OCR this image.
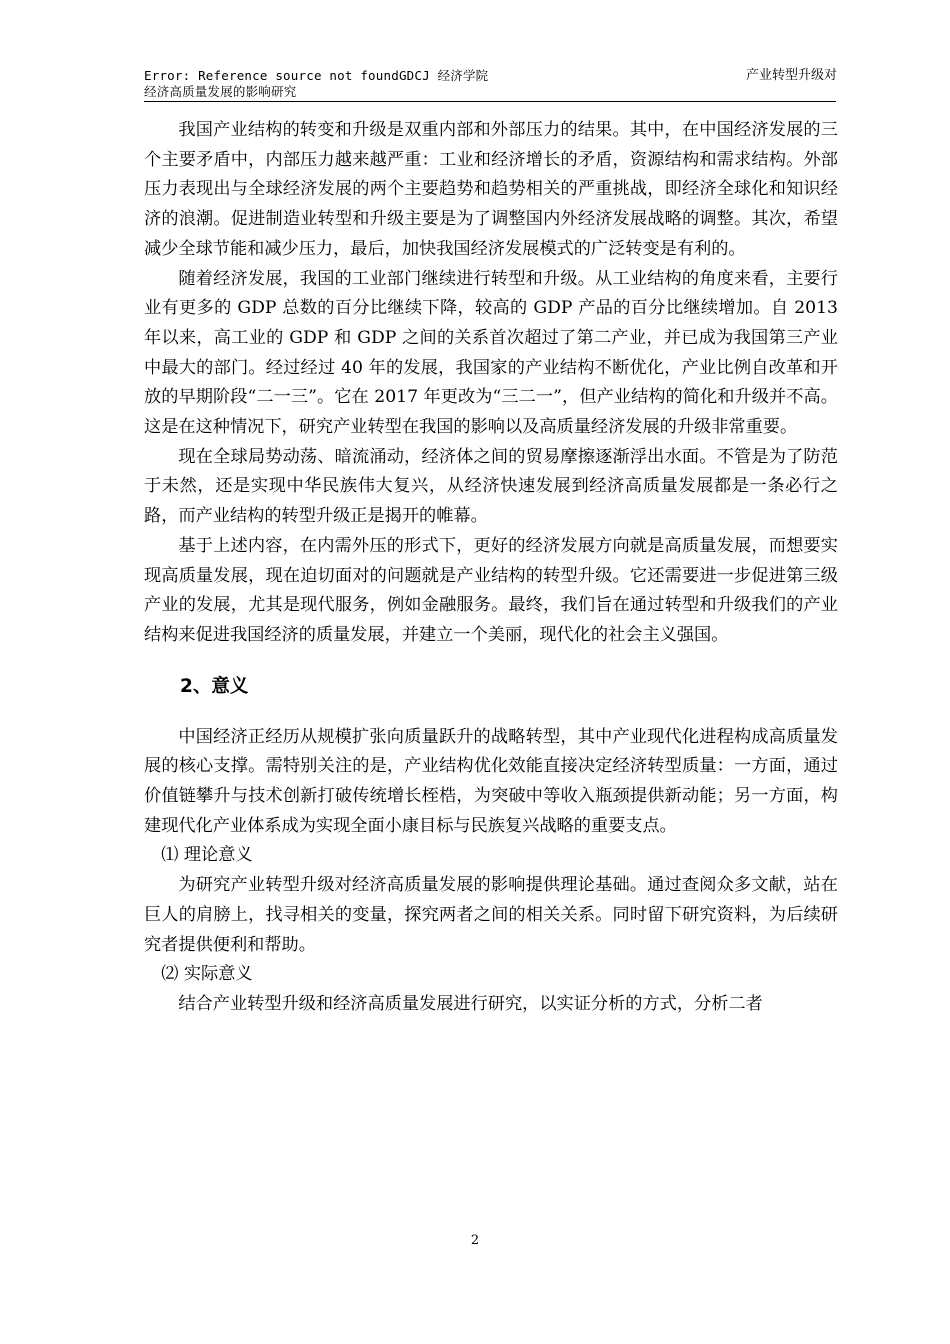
Error: Reference source not foundGDCJ 经济学院
经济高质量发展的影响研究
产业转型升级对

我国产业结构的转变和升级是双重内部和外部压力的结果。其中，在中国经济发展的三个主要矛盾中，内部压力越来越严重：工业和经济增长的矛盾，资源结构和需求结构。外部压力表现出与全球经济发展的两个主要趋势和趋势相关的严重挑战，即经济全球化和知识经济的浪潮。促进制造业转型和升级主要是为了调整国内外经济发展战略的调整。其次，希望减少全球节能和减少压力，最后，加快我国经济发展模式的广泛转变是有利的。

随着经济发展，我国的工业部门继续进行转型和升级。从工业结构的角度来看，主要行业有更多的 GDP 总数的百分比继续下降，较高的 GDP 产品的百分比继续增加。自 2013 年以来，高工业的 GDP 和 GDP 之间的关系首次超过了第二产业，并已成为我国第三产业中最大的部门。经过经过 40 年的发展，我国家的产业结构不断优化，产业比例自改革和开放的早期阶段“二一三”。它在 2017 年更改为“三二一”，但产业结构的简化和升级并不高。这是在这种情况下，研究产业转型在我国的影响以及高质量经济发展的升级非常重要。

现在全球局势动荡、暗流涌动，经济体之间的贸易摩擦逐渐浮出水面。不管是为了防范于未然，还是实现中华民族伟大复兴，从经济快速发展到经济高质量发展都是一条必行之路，而产业结构的转型升级正是揭开的帷幕。

基于上述内容，在内需外压的形式下，更好的经济发展方向就是高质量发展，而想要实现高质量发展，现在迫切面对的问题就是产业结构的转型升级。它还需要进一步促进第三级产业的发展，尤其是现代服务，例如金融服务。最终，我们旨在通过转型和升级我们的产业结构来促进我国经济的质量发展，并建立一个美丽，现代化的社会主义强国。

2、意义

中国经济正经历从规模扩张向质量跃升的战略转型，其中产业现代化进程构成高质量发展的核心支撑。需特别关注的是，产业结构优化效能直接决定经济转型质量：一方面，通过价值链攀升与技术创新打破传统增长桎梏，为突破中等收入瓶颈提供新动能；另一方面，构建现代化产业体系成为实现全面小康目标与民族复兴战略的重要支点。

⑴ 理论意义

为研究产业转型升级对经济高质量发展的影响提供理论基础。通过查阅众多文献，站在巨人的肩膀上，找寻相关的变量，探究两者之间的相关关系。同时留下研究资料，为后续研究者提供便利和帮助。

⑵ 实际意义

结合产业转型升级和经济高质量发展进行研究，以实证分析的方式，分析二者

2
